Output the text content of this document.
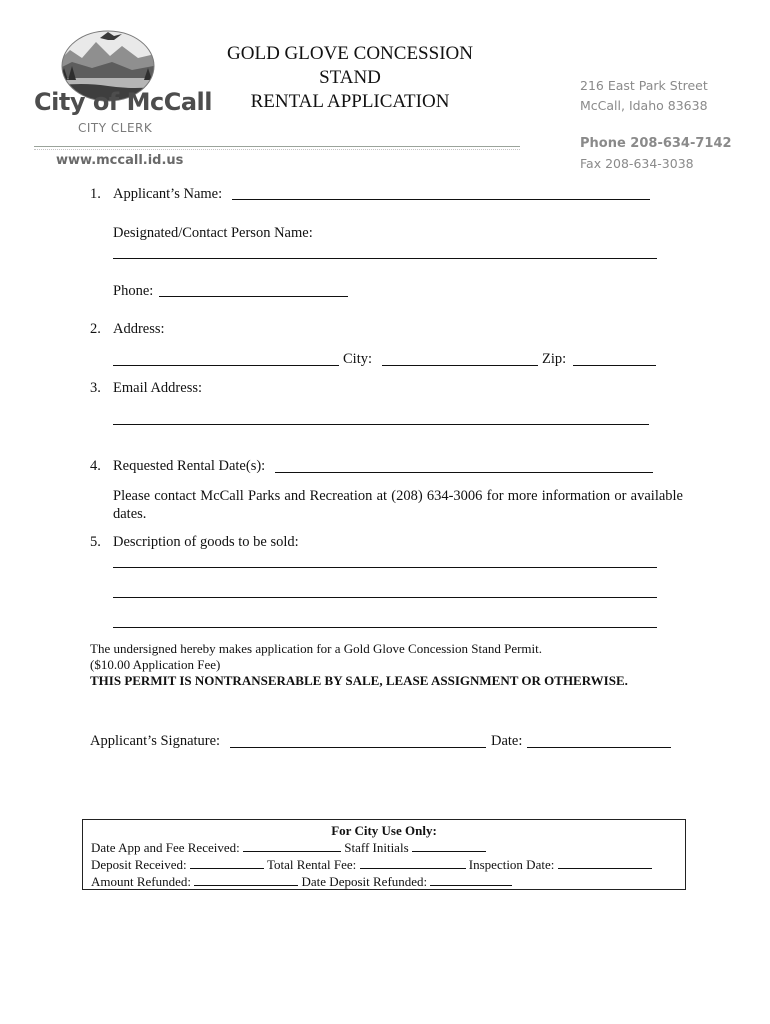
City of McCall
CITY CLERK
www.mccall.id.us
GOLD GLOVE CONCESSION STAND
RENTAL APPLICATION
216 East Park Street
McCall, Idaho 83638
Phone 208-634-7142
Fax 208-634-3038
1. Applicant’s Name:
Designated/Contact Person Name:
Phone:
2. Address:
City:	Zip:
3. Email Address:
4. Requested Rental Date(s):
Please contact McCall Parks and Recreation at (208) 634-3006 for more information or available dates.
5. Description of goods to be sold:
The undersigned hereby makes application for a Gold Glove Concession Stand Permit.
($10.00 Application Fee)
THIS PERMIT IS NONTRANSERABLE BY SALE, LEASE ASSIGNMENT OR OTHERWISE.
Applicant’s Signature:	Date:
For City Use Only:
Date App and Fee Received:	Staff Initials
Deposit Received:	Total Rental Fee:	Inspection Date:
Amount Refunded:	Date Deposit Refunded:
